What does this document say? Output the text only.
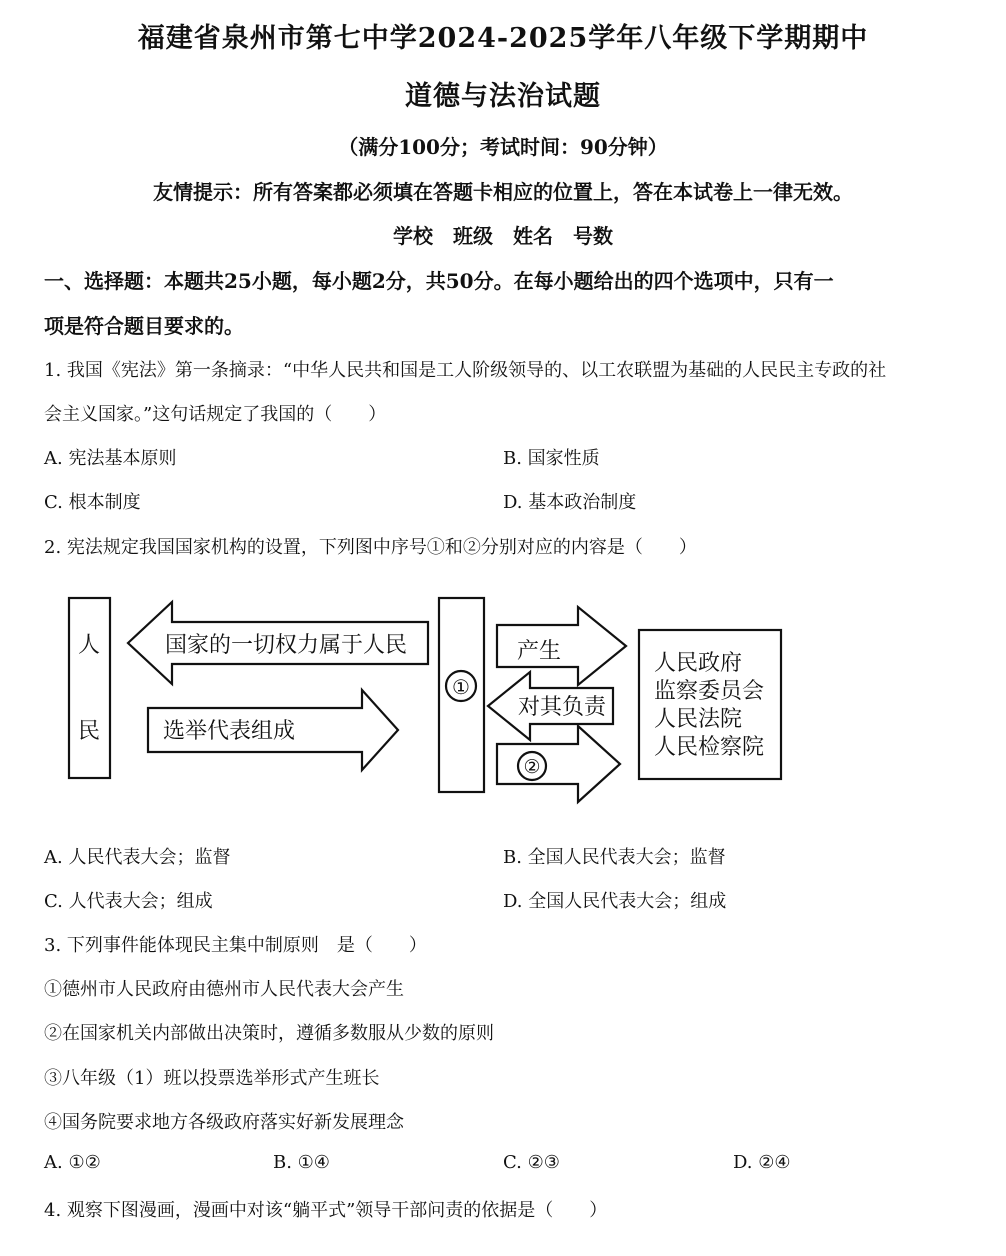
福建省泉州市第七中学2024-2025学年八年级下学期期中
道德与法治试题
（满分100分；考试时间：90分钟）
友情提示：所有答案都必须填在答题卡相应的位置上，答在本试卷上一律无效。
学校　班级　姓名　号数
一、选择题：本题共25小题，每小题2分，共50分。在每小题给出的四个选项中，只有一
项是符合题目要求的。
1. 我国《宪法》第一条摘录：“中华人民共和国是工人阶级领导的、以工农联盟为基础的人民民主专政的社
会主义国家。”这句话规定了我国的（　　）
A. 宪法基本原则	B. 国家性质
C. 根本制度	D. 基本政治制度
2. 宪法规定我国国家机构的设置，下列图中序号①和②分别对应的内容是（　　）
人
民
国家的一切权力属于人民
选举代表组成
①
产生
对其负责
②
人民政府
监察委员会
人民法院
人民检察院
A. 人民代表大会；监督	B. 全国人民代表大会；监督
C. 人代表大会；组成	D. 全国人民代表大会；组成
3. 下列事件能体现民主集中制原则　是（　　）
①德州市人民政府由德州市人民代表大会产生
②在国家机关内部做出决策时，遵循多数服从少数的原则
③八年级（1）班以投票选举形式产生班长
④国务院要求地方各级政府落实好新发展理念
A. ①②	B. ①④	C. ②③	D. ②④
4. 观察下图漫画，漫画中对该“躺平式”领导干部问责的依据是（　　）
